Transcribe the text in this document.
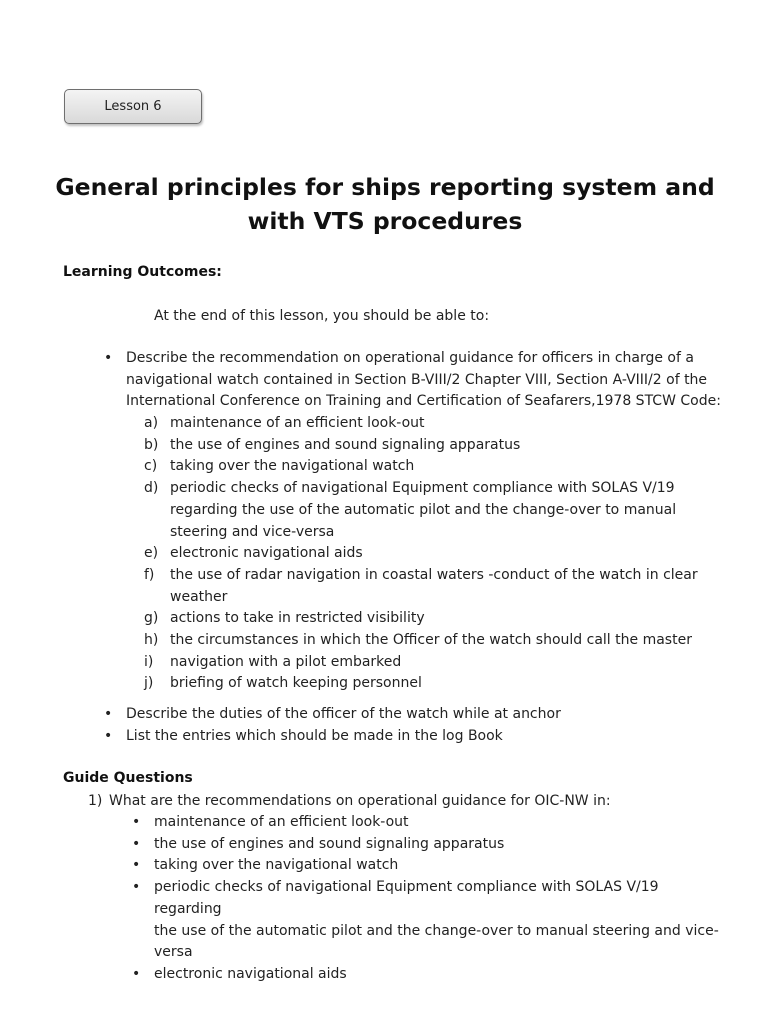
Lesson 6
General principles for ships reporting system and
with VTS procedures
Learning Outcomes:
At the end of this lesson, you should be able to:
• Describe the recommendation on operational guidance for officers in charge of a
navigational watch contained in Section B-VIII/2 Chapter VIII, Section A-VIII/2 of the
International Conference on Training and Certification of Seafarers,1978 STCW Code:
a) maintenance of an efficient look-out
b) the use of engines and sound signaling apparatus
c) taking over the navigational watch
d) periodic checks of navigational Equipment compliance with SOLAS V/19
regarding the use of the automatic pilot and the change-over to manual
steering and vice-versa
e) electronic navigational aids
f) the use of radar navigation in coastal waters -conduct of the watch in clear
weather
g) actions to take in restricted visibility
h) the circumstances in which the Officer of the watch should call the master
i) navigation with a pilot embarked
j) briefing of watch keeping personnel
• Describe the duties of the officer of the watch while at anchor
• List the entries which should be made in the log Book
Guide Questions
1) What are the recommendations on operational guidance for OIC-NW in:
• maintenance of an efficient look-out
• the use of engines and sound signaling apparatus
• taking over the navigational watch
• periodic checks of navigational Equipment compliance with SOLAS V/19 regarding
the use of the automatic pilot and the change-over to manual steering and vice-
versa
• electronic navigational aids
